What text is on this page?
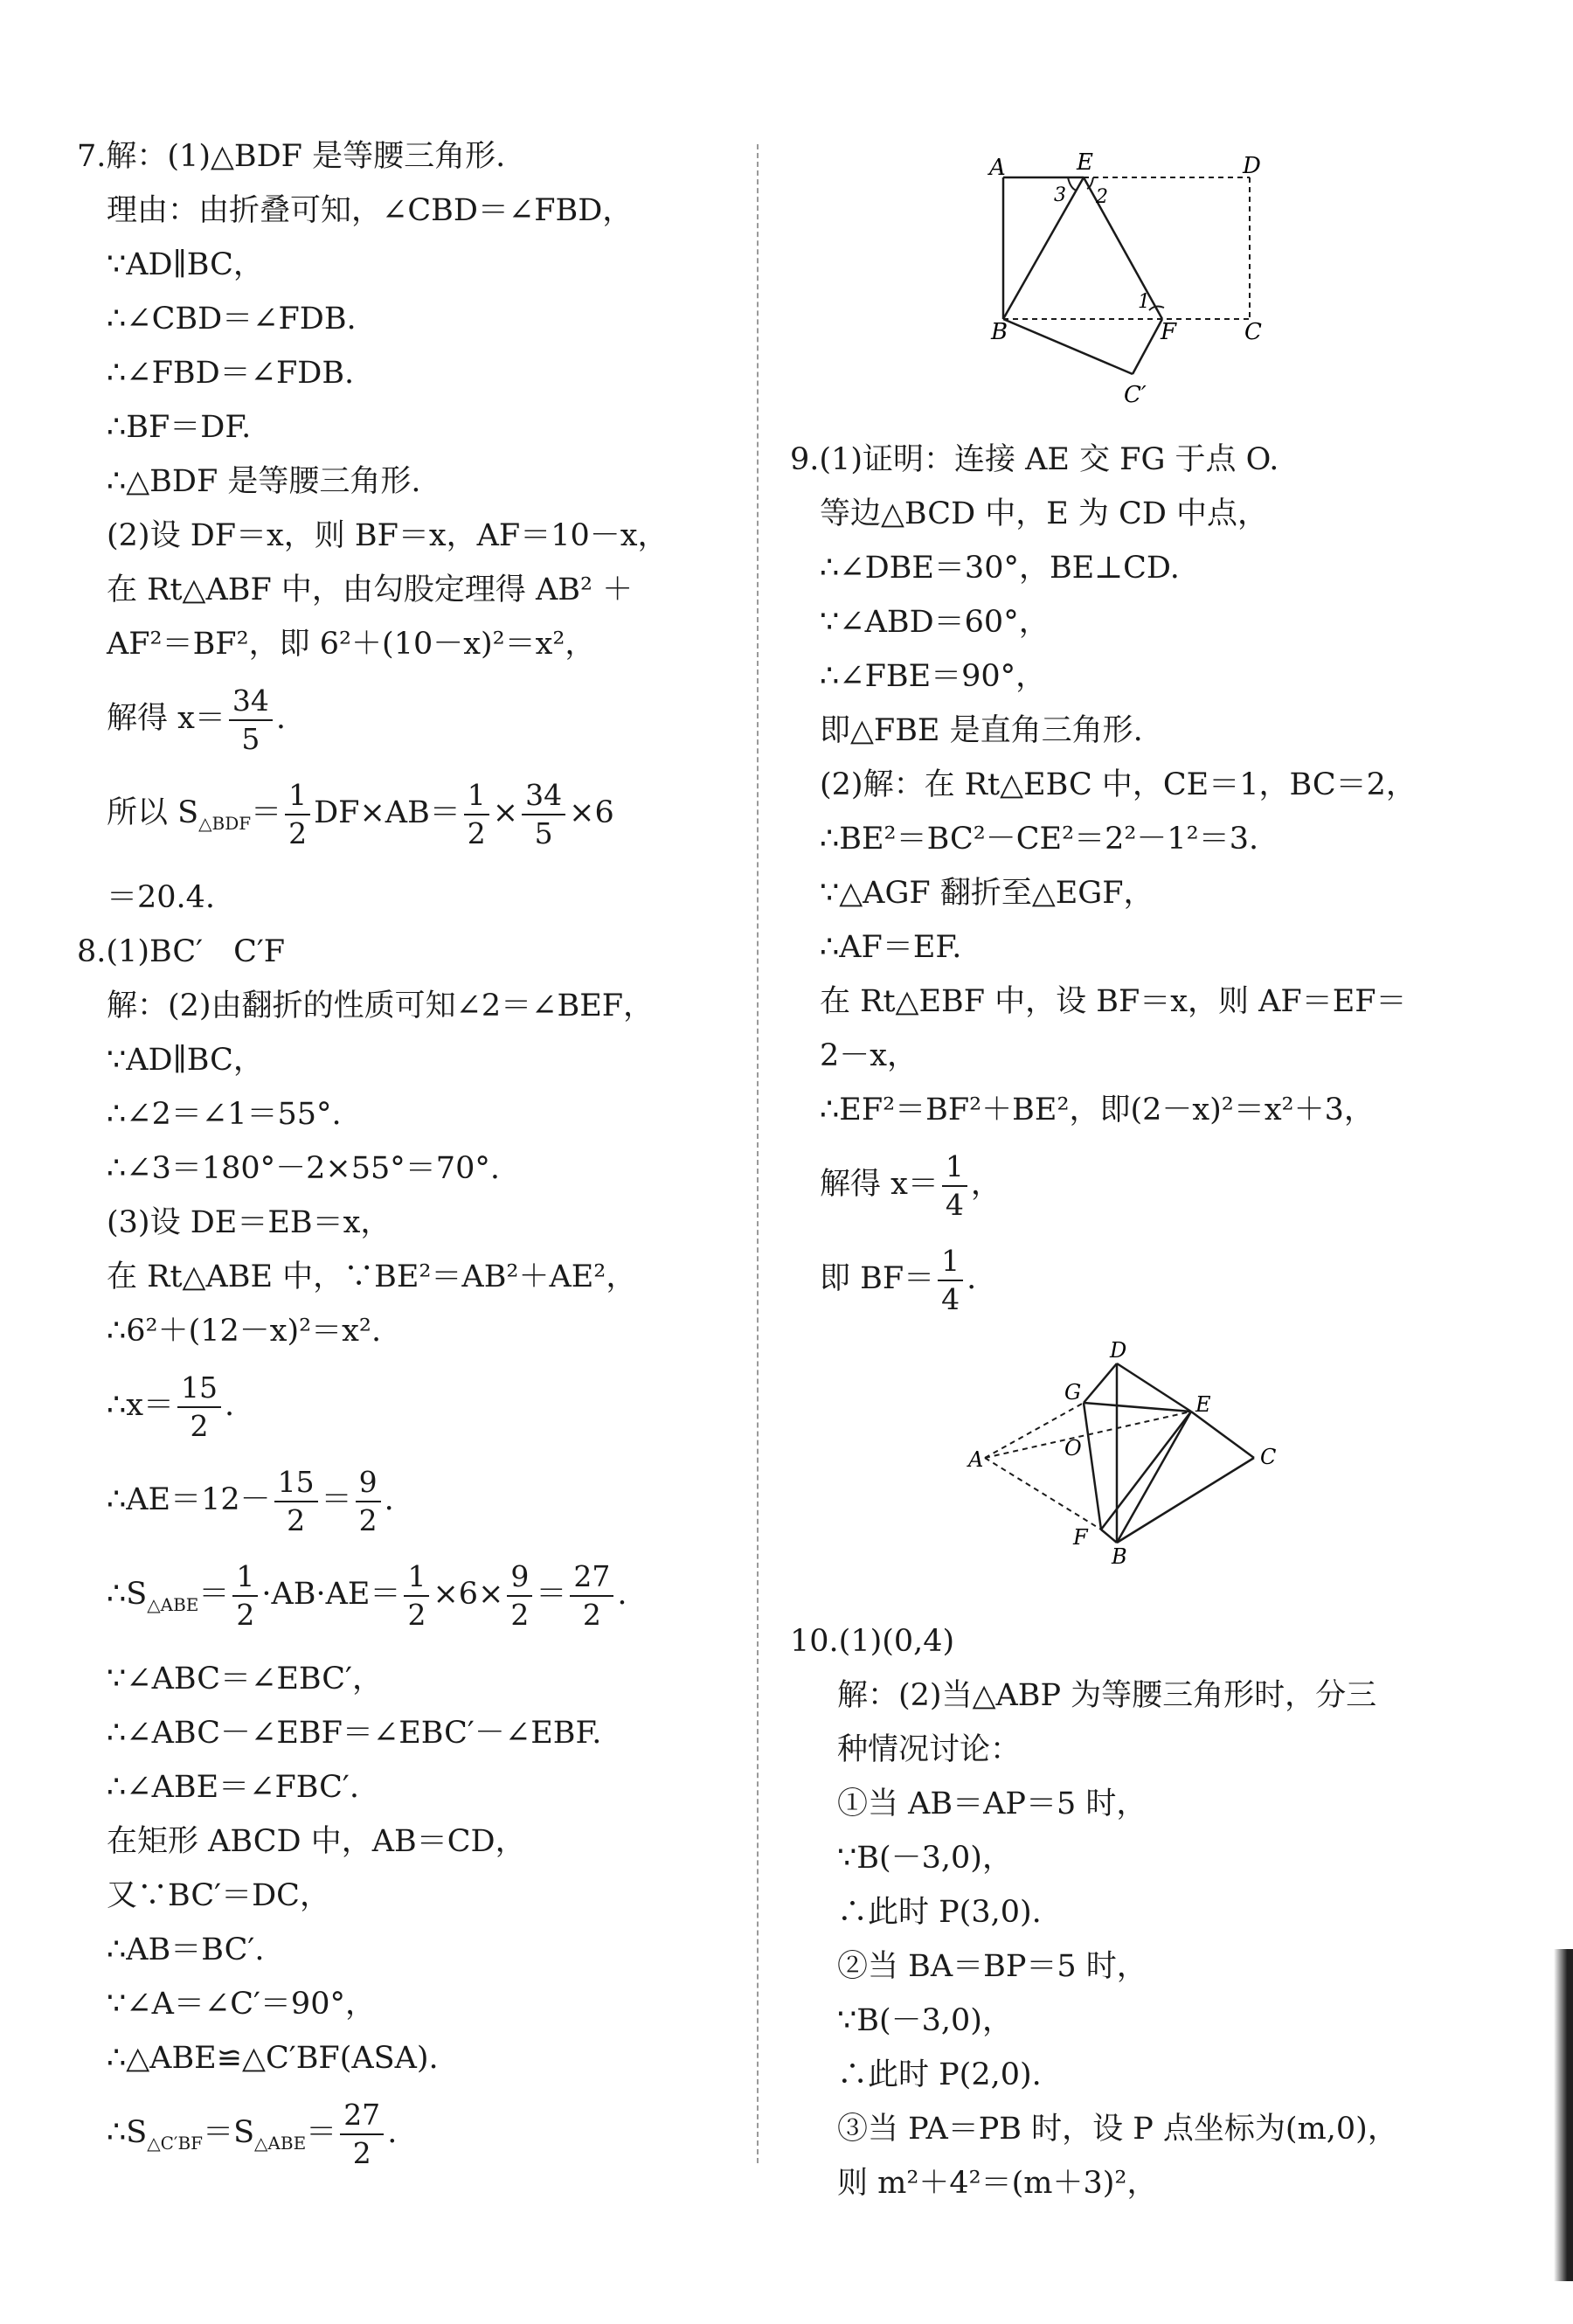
7.解：(1)△BDF 是等腰三角形.
理由：由折叠可知，∠CBD＝∠FBD，
∵AD∥BC，
∴∠CBD＝∠FDB.
∴∠FBD＝∠FDB.
∴BF＝DF.
∴△BDF 是等腰三角形.
(2)设 DF＝x，则 BF＝x，AF＝10－x，
在 Rt△ABF 中，由勾股定理得 AB² ＋
AF²＝BF²，即 6²＋(10－x)²＝x²，
解得 $x= \frac{34}{5}$ .
所以 $S_{\triangle BDF}= \frac{1}{2} DF\times AB= \frac{1}{2} \times \frac{34}{5} \times 6$
＝20.4.
8.(1)BC′　C′F
解：(2)由翻折的性质可知∠2＝∠BEF，
∵AD∥BC，
∴∠2＝∠1＝55°.
∴∠3＝180°－2×55°＝70°.
(3)设 DE＝EB＝x，
在 Rt△ABE 中，∵BE²＝AB²＋AE²，
∴6²＋(12－x)²＝x².
∴x＝ $\frac{15}{2}$ .
∴AE＝12－ $\frac{15}{2} = \frac{9}{2}$ .
$\therefore S_{\triangle ABE}= \frac{1}{2} \cdot AB\cdot AE= \frac{1}{2} \times 6\times \frac{9}{2} = \frac{27}{2}$ .
∵∠ABC＝∠EBC′，
∴∠ABC－∠EBF＝∠EBC′－∠EBF.
∴∠ABE＝∠FBC′.
在矩形 ABCD 中，AB＝CD，
又∵BC′＝DC，
∴AB＝BC′.
∵∠A＝∠C′＝90°，
∴△ABE≌△C′BF(ASA).
$\therefore S_{\triangle C'BF}=S_{\triangle ABE}= \frac{27}{2}$ .
A	E	D
B	F	C
C′
1
2
3
9.(1)证明：连接 AE 交 FG 于点 O.
等边△BCD 中，E 为 CD 中点，
∴∠DBE＝30°，BE⊥CD.
∵∠ABD＝60°，
∴∠FBE＝90°，
即△FBE 是直角三角形.
(2)解：在 Rt△EBC 中，CE＝1，BC＝2，
∴BE²＝BC²－CE²＝2²－1²＝3.
∵△AGF 翻折至△EGF，
∴AF＝EF.
在 Rt△EBF 中，设 BF＝x，则 AF＝EF＝
2－x，
∴EF²＝BF²＋BE²，即(2－x)²＝x²＋3，
解得 $x= \frac{1}{4}$ ，
即 $BF= \frac{1}{4}$ .
10.(1)(0,4)
解：(2)当△ABP 为等腰三角形时，分三
种情况讨论：
①当 AB＝AP＝5 时，
∵B(－3,0)，
∴此时 P(3,0).
②当 BA＝BP＝5 时，
∵B(－3,0)，
∴此时 P(2,0).
③当 PA＝PB 时，设 P 点坐标为(m,0)，
则 m²＋4²＝(m＋3)²，
D
G	E
A	O	C
F
B
